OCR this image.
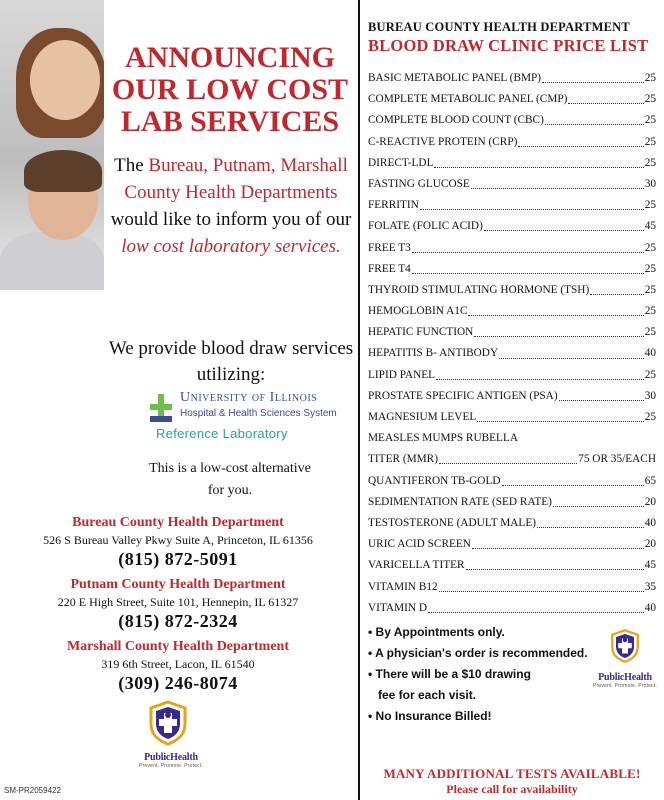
ANNOUNCING
OUR LOW COST
LAB SERVICES
The Bureau, Putnam, Marshall County Health Departments would like to inform you of our low cost laboratory services.
We provide blood draw services utilizing:
University of Illinois
Hospital & Health Sciences System
Reference Laboratory
This is a low-cost alternative for you.
Bureau County Health Department
526 S Bureau Valley Pkwy Suite A, Princeton, IL 61356
(815) 872-5091
Putnam County Health Department
220 E High Street, Suite 101, Hennepin, IL 61327
(815) 872-2324
Marshall County Health Department
319 6th Street, Lacon, IL 61540
(309) 246-8074
PublicHealth
Prevent. Promote. Protect.
SM-PR2059422
BUREAU COUNTY HEALTH DEPARTMENT
BLOOD DRAW CLINIC PRICE LIST
BASIC METABOLIC PANEL (BMP)	25
COMPLETE METABOLIC PANEL (CMP)	25
COMPLETE BLOOD COUNT (CBC)	25
C-REACTIVE PROTEIN (CRP)	25
DIRECT-LDL	25
FASTING GLUCOSE	30
FERRITIN	25
FOLATE (FOLIC ACID)	45
FREE T3	25
FREE T4	25
THYROID STIMULATING HORMONE (TSH)	25
HEMOGLOBIN A1C	25
HEPATIC FUNCTION	25
HEPATITIS B- ANTIBODY	40
LIPID PANEL	25
PROSTATE SPECIFIC ANTIGEN (PSA)	30
MAGNESIUM LEVEL	25
MEASLES MUMPS RUBELLA
TITER (MMR)	75 OR 35/EACH
QUANTIFERON TB-GOLD	65
SEDIMENTATION RATE (SED RATE)	20
TESTOSTERONE (ADULT MALE)	40
URIC ACID SCREEN	20
VARICELLA TITER	45
VITAMIN B12	35
VITAMIN D	40
• By Appointments only.
• A physician's order is recommended.
• There will be a $10 drawing
fee for each visit.
• No Insurance Billed!
PublicHealth
Prevent. Promote. Protect.
MANY ADDITIONAL TESTS AVAILABLE!
Please call for availability
